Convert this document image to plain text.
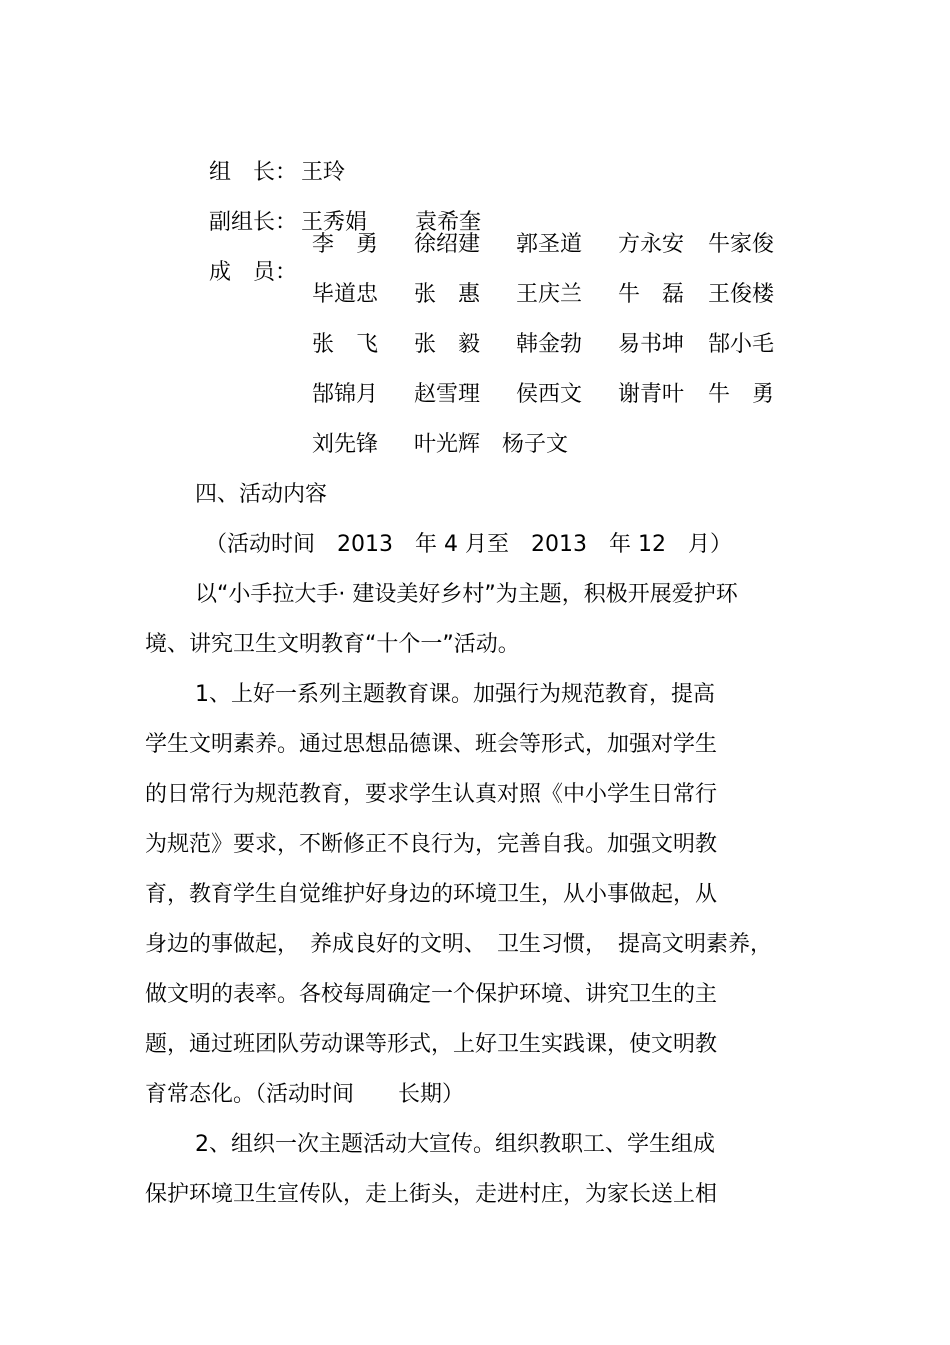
组　长： 王玲

副组长： 王秀娟 袁希奎

成　员：

李　勇 徐绍建 郭圣道 方永安 牛家俊
毕道忠 张　惠 王庆兰 牛　磊 王俊楼
张　飞 张　毅 韩金勃 易书坤 郜小毛
郜锦月 赵雪理 侯西文 谢青叶 牛　勇
刘先锋 叶光辉 杨子文
四、活动内容
（活动时间　2013　年 4 月至　2013　年 12　月）
以“小手拉大手· 建设美好乡村”为主题，积极开展爱护环
境、讲究卫生文明教育“十个一”活动。
1、上好一系列主题教育课。加强行为规范教育，提高
学生文明素养。通过思想品德课、班会等形式，加强对学生
的日常行为规范教育，要求学生认真对照《中小学生日常行
为规范》要求，不断修正不良行为，完善自我。加强文明教
育，教育学生自觉维护好身边的环境卫生，从小事做起，从
身边的事做起，　养成良好的文明、　卫生习惯，　提高文明素养，
做文明的表率。各校每周确定一个保护环境、讲究卫生的主
题，通过班团队劳动课等形式，上好卫生实践课，使文明教
育常态化。（活动时间　　长期）
2、组织一次主题活动大宣传。组织教职工、学生组成
保护环境卫生宣传队，走上街头，走进村庄，为家长送上相
